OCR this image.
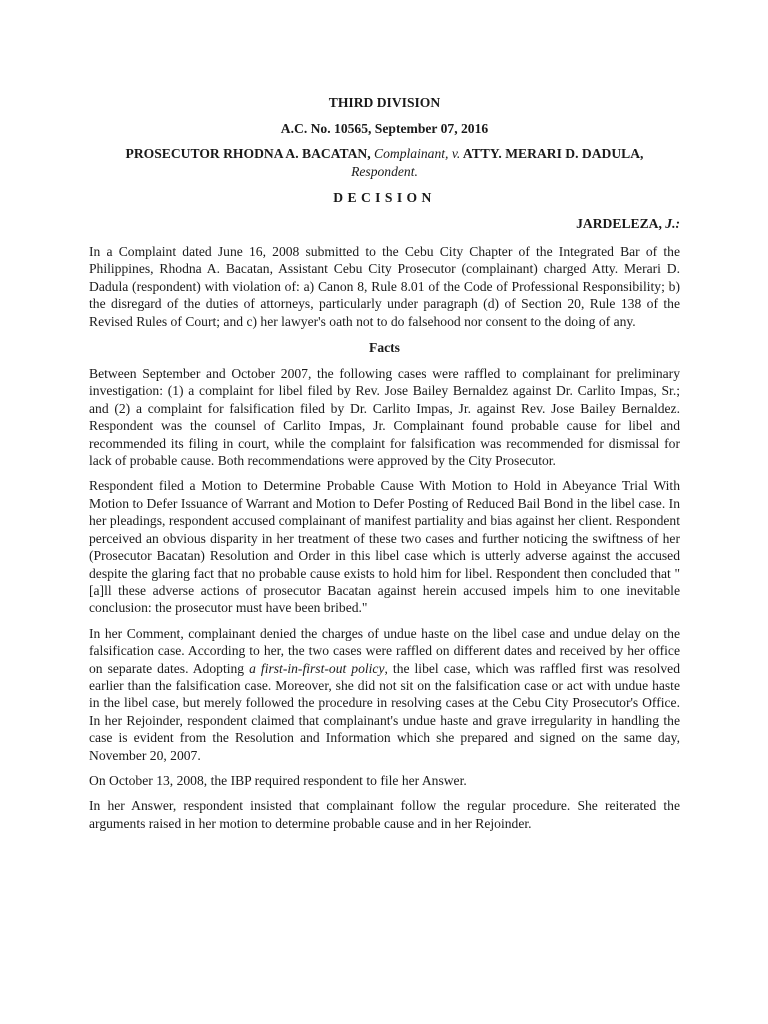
THIRD DIVISION

A.C. No. 10565, September 07, 2016

PROSECUTOR RHODNA A. BACATAN, Complainant, v. ATTY. MERARI D. DADULA, Respondent.

DECISION

JARDELEZA, J.:

In a Complaint dated June 16, 2008 submitted to the Cebu City Chapter of the Integrated Bar of the Philippines, Rhodna A. Bacatan, Assistant Cebu City Prosecutor (complainant) charged Atty. Merari D. Dadula (respondent) with violation of: a) Canon 8, Rule 8.01 of the Code of Professional Responsibility; b) the disregard of the duties of attorneys, particularly under paragraph (d) of Section 20, Rule 138 of the Revised Rules of Court; and c) her lawyer's oath not to do falsehood nor consent to the doing of any.

Facts

Between September and October 2007, the following cases were raffled to complainant for preliminary investigation: (1) a complaint for libel filed by Rev. Jose Bailey Bernaldez against Dr. Carlito Impas, Sr.; and (2) a complaint for falsification filed by Dr. Carlito Impas, Jr. against Rev. Jose Bailey Bernaldez. Respondent was the counsel of Carlito Impas, Jr. Complainant found probable cause for libel and recommended its filing in court, while the complaint for falsification was recommended for dismissal for lack of probable cause. Both recommendations were approved by the City Prosecutor.

Respondent filed a Motion to Determine Probable Cause With Motion to Hold in Abeyance Trial With Motion to Defer Issuance of Warrant and Motion to Defer Posting of Reduced Bail Bond in the libel case. In her pleadings, respondent accused complainant of manifest partiality and bias against her client. Respondent perceived an obvious disparity in her treatment of these two cases and further noticing the swiftness of her (Prosecutor Bacatan) Resolution and Order in this libel case which is utterly adverse against the accused despite the glaring fact that no probable cause exists to hold him for libel. Respondent then concluded that "[a]ll these adverse actions of prosecutor Bacatan against herein accused impels him to one inevitable conclusion: the prosecutor must have been bribed."

In her Comment, complainant denied the charges of undue haste on the libel case and undue delay on the falsification case. According to her, the two cases were raffled on different dates and received by her office on separate dates. Adopting a first-in-first-out policy, the libel case, which was raffled first was resolved earlier than the falsification case. Moreover, she did not sit on the falsification case or act with undue haste in the libel case, but merely followed the procedure in resolving cases at the Cebu City Prosecutor's Office. In her Rejoinder, respondent claimed that complainant's undue haste and grave irregularity in handling the case is evident from the Resolution and Information which she prepared and signed on the same day, November 20, 2007.

On October 13, 2008, the IBP required respondent to file her Answer.

In her Answer, respondent insisted that complainant follow the regular procedure. She reiterated the arguments raised in her motion to determine probable cause and in her Rejoinder.
